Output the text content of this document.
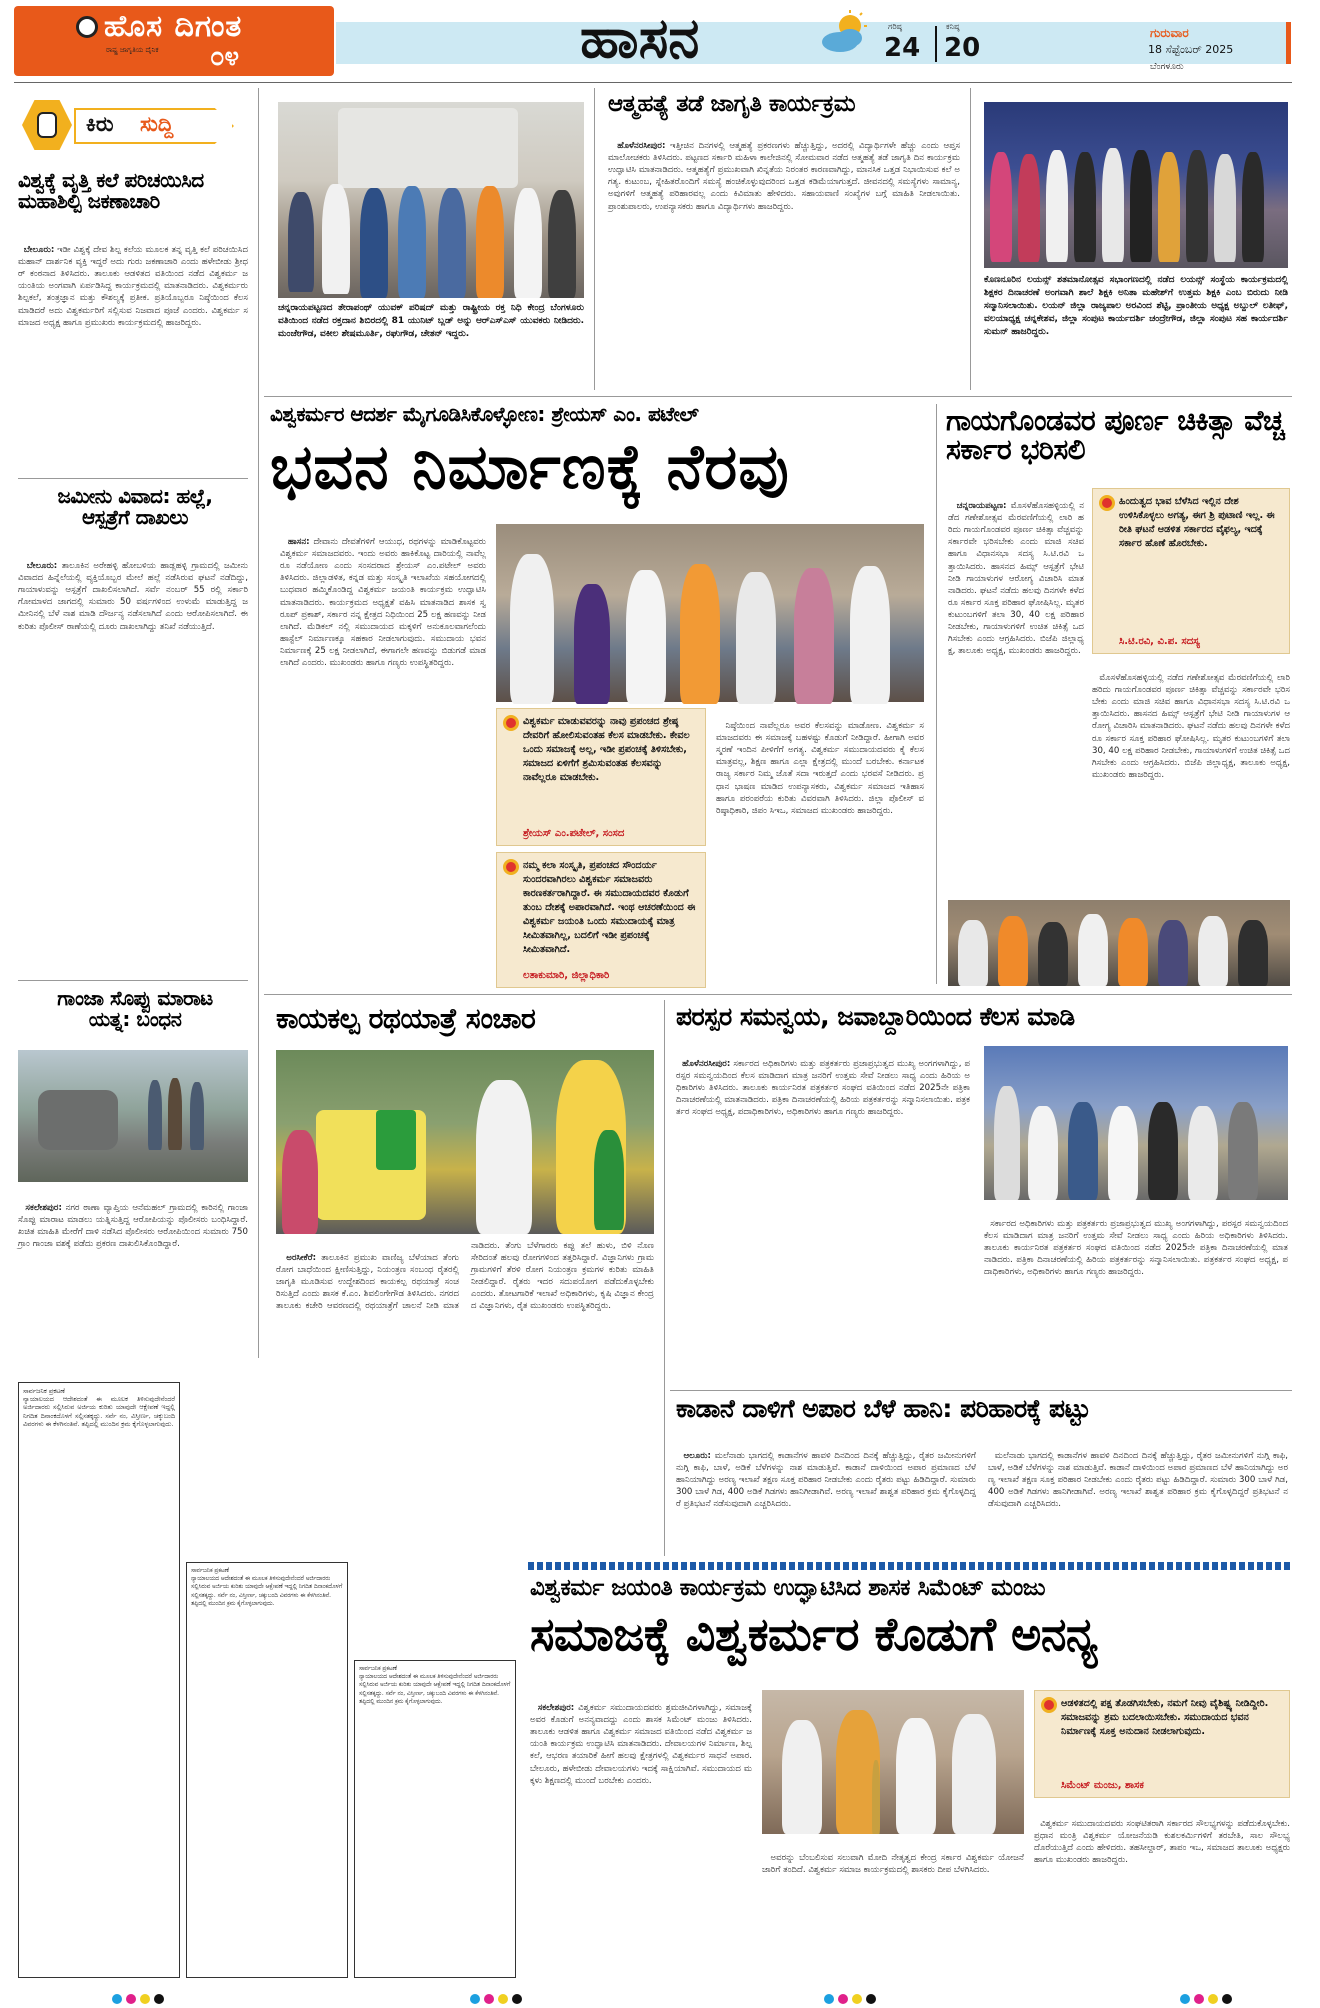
ಹೊಸ ದಿಗಂತ
ರಾಷ್ಟ್ರ ಜಾಗೃತಿಯ ದೈನಿಕ ೦೪	ಹಾಸನ	ಗರಿಷ್ಠ
24
ಕನಿಷ್ಠ
20	ಗುರುವಾರ
18 ಸೆಪ್ಟೆಂಬರ್ 2025
ಬೆಂಗಳೂರು
ಕಿರು ಸುದ್ದಿ
ವಿಶ್ವಕ್ಕೆ ವೃತ್ತಿ ಕಲೆ ಪರಿಚಯಿಸಿದ ಮಹಾಶಿಲ್ಪಿ ಜಕಣಾಚಾರಿ

ಬೇಲೂರು: ಇಡೀ ವಿಶ್ವಕ್ಕೆ ದೇವ ಶಿಲ್ಪ ಕಲೆಯ ಮೂಲಕ ತನ್ನ ವೃತ್ತಿ ಕಲೆ ಪರಿಚಯಿಸಿದ ಮಹಾನ್ ದಾರ್ಶನಿಕ ವ್ಯಕ್ತಿ ಇದ್ದರೆ ಅದು ಗುರು ಜಕಣಾಚಾರಿ ಎಂದು ಹಳೇಬೀಡು ಶ್ರೀಧರ್ ಕಂಠನಾದ ತಿಳಿಸಿದರು. ತಾಲೂಕು ಆಡಳಿತದ ವತಿಯಿಂದ ನಡೆದ ವಿಶ್ವಕರ್ಮ ಜಯಂತಿಯ ಅಂಗವಾಗಿ ಏರ್ಪಡಿಸಿದ್ದ ಕಾರ್ಯಕ್ರಮದಲ್ಲಿ ಮಾತನಾಡಿದರು. ವಿಶ್ವಕರ್ಮರು ಶಿಲ್ಪಕಲೆ, ತಂತ್ರಜ್ಞಾನ ಮತ್ತು ಕೌಶಲ್ಯಕ್ಕೆ ಪ್ರತೀಕ. ಪ್ರತಿಯೊಬ್ಬರೂ ನಿಷ್ಠೆಯಿಂದ ಕೆಲಸ ಮಾಡಿದರೆ ಅದು ವಿಶ್ವಕರ್ಮರಿಗೆ ಸಲ್ಲಿಸುವ ನಿಜವಾದ ಪೂಜೆ ಎಂದರು. ವಿಶ್ವಕರ್ಮ ಸಮಾಜದ ಅಧ್ಯಕ್ಷ ಹಾಗೂ ಪ್ರಮುಖರು ಕಾರ್ಯಕ್ರಮದಲ್ಲಿ ಹಾಜರಿದ್ದರು.

ಜಮೀನು ವಿವಾದ: ಹಲ್ಲೆ, ಆಸ್ಪತ್ರೆಗೆ ದಾಖಲು

ಬೇಲೂರು: ತಾಲೂಕಿನ ಅರೇಹಳ್ಳಿ ಹೋಬಳಿಯ ಹಾಡ್ಲಹಳ್ಳಿ ಗ್ರಾಮದಲ್ಲಿ ಜಮೀನು ವಿವಾದದ ಹಿನ್ನೆಲೆಯಲ್ಲಿ ವ್ಯಕ್ತಿಯೊಬ್ಬರ ಮೇಲೆ ಹಲ್ಲೆ ನಡೆಸಿರುವ ಘಟನೆ ನಡೆದಿದ್ದು, ಗಾಯಾಳುವನ್ನು ಆಸ್ಪತ್ರೆಗೆ ದಾಖಲಿಸಲಾಗಿದೆ. ಸರ್ವೆ ನಂಬರ್ 55 ರಲ್ಲಿ ಸರ್ಕಾರಿ ಗೋಮಾಳದ ಜಾಗದಲ್ಲಿ ಸುಮಾರು 50 ವರ್ಷಗಳಿಂದ ಉಳುಮೆ ಮಾಡುತ್ತಿದ್ದ ಜಮೀನಿನಲ್ಲಿ ಬೆಳೆ ನಾಶ ಮಾಡಿ ದೌರ್ಜನ್ಯ ನಡೆಸಲಾಗಿದೆ ಎಂದು ಆರೋಪಿಸಲಾಗಿದೆ. ಈ ಕುರಿತು ಪೊಲೀಸ್ ಠಾಣೆಯಲ್ಲಿ ದೂರು ದಾಖಲಾಗಿದ್ದು ತನಿಖೆ ನಡೆಯುತ್ತಿದೆ.

ಗಾಂಜಾ ಸೊಪ್ಪು ಮಾರಾಟ ಯತ್ನ: ಬಂಧನ

ಸಕಲೇಶಪುರ: ನಗರ ಠಾಣಾ ವ್ಯಾಪ್ತಿಯ ಆನೆಮಹಲ್ ಗ್ರಾಮದಲ್ಲಿ ಕಾರಿನಲ್ಲಿ ಗಾಂಜಾ ಸೊಪ್ಪು ಮಾರಾಟ ಮಾಡಲು ಯತ್ನಿಸುತ್ತಿದ್ದ ಆರೋಪಿಯನ್ನು ಪೊಲೀಸರು ಬಂಧಿಸಿದ್ದಾರೆ. ಖಚಿತ ಮಾಹಿತಿ ಮೇರೆಗೆ ದಾಳಿ ನಡೆಸಿದ ಪೊಲೀಸರು ಆರೋಪಿಯಿಂದ ಸುಮಾರು 750 ಗ್ರಾಂ ಗಾಂಜಾ ವಶಕ್ಕೆ ಪಡೆದು ಪ್ರಕರಣ ದಾಖಲಿಸಿಕೊಂಡಿದ್ದಾರೆ.

ಸಾರ್ವಜನಿಕ ಪ್ರಕಟಣೆ
ನ್ಯಾಯಾಲಯದ ಆದೇಶದಂತೆ ಈ ಮೂಲಕ ತಿಳಿಸುವುದೇನೆಂದರೆ ಅರ್ಜಿದಾರರು ಸಲ್ಲಿಸಿರುವ ಅರ್ಜಿಯ ಕುರಿತು ಯಾವುದೇ ಆಕ್ಷೇಪಣೆ ಇದ್ದಲ್ಲಿ ನಿಗದಿತ ದಿನಾಂಕದೊಳಗೆ ಸಲ್ಲಿಸತಕ್ಕದ್ದು. ಸರ್ವೆ ನಂ, ವಿಸ್ತೀರ್ಣ, ಚಕ್ಕುಬಂದಿ ವಿವರಗಳು ಈ ಕೆಳಗಿನಂತಿವೆ. ತಪ್ಪಿದಲ್ಲಿ ಮುಂದಿನ ಕ್ರಮ ಕೈಗೊಳ್ಳಲಾಗುವುದು.
ಸಾರ್ವಜನಿಕ ಪ್ರಕಟಣೆ
ನ್ಯಾಯಾಲಯದ ಆದೇಶದಂತೆ ಈ ಮೂಲಕ ತಿಳಿಸುವುದೇನೆಂದರೆ ಅರ್ಜಿದಾರರು ಸಲ್ಲಿಸಿರುವ ಅರ್ಜಿಯ ಕುರಿತು ಯಾವುದೇ ಆಕ್ಷೇಪಣೆ ಇದ್ದಲ್ಲಿ ನಿಗದಿತ ದಿನಾಂಕದೊಳಗೆ ಸಲ್ಲಿಸತಕ್ಕದ್ದು. ಸರ್ವೆ ನಂ, ವಿಸ್ತೀರ್ಣ, ಚಕ್ಕುಬಂದಿ ವಿವರಗಳು ಈ ಕೆಳಗಿನಂತಿವೆ. ತಪ್ಪಿದಲ್ಲಿ ಮುಂದಿನ ಕ್ರಮ ಕೈಗೊಳ್ಳಲಾಗುವುದು.
ಸಾರ್ವಜನಿಕ ಪ್ರಕಟಣೆ
ನ್ಯಾಯಾಲಯದ ಆದೇಶದಂತೆ ಈ ಮೂಲಕ ತಿಳಿಸುವುದೇನೆಂದರೆ ಅರ್ಜಿದಾರರು ಸಲ್ಲಿಸಿರುವ ಅರ್ಜಿಯ ಕುರಿತು ಯಾವುದೇ ಆಕ್ಷೇಪಣೆ ಇದ್ದಲ್ಲಿ ನಿಗದಿತ ದಿನಾಂಕದೊಳಗೆ ಸಲ್ಲಿಸತಕ್ಕದ್ದು. ಸರ್ವೆ ನಂ, ವಿಸ್ತೀರ್ಣ, ಚಕ್ಕುಬಂದಿ ವಿವರಗಳು ಈ ಕೆಳಗಿನಂತಿವೆ. ತಪ್ಪಿದಲ್ಲಿ ಮುಂದಿನ ಕ್ರಮ ಕೈಗೊಳ್ಳಲಾಗುವುದು.
ಚನ್ನರಾಯಪಟ್ಟಣದ ತೇರಾಪಂಥ್ ಯುವಕ್ ಪರಿಷದ್ ಮತ್ತು ರಾಷ್ಟ್ರೀಯ ರಕ್ತ ನಿಧಿ ಕೇಂದ್ರ ಬೆಂಗಳೂರು ವತಿಯಿಂದ ನಡೆದ ರಕ್ತದಾನ ಶಿಬಿರದಲ್ಲಿ 81 ಯುನಿಟ್ ಬ್ಲಡ್ ಅನ್ನು ಆರ್‌ಎಸ್‌ಎಸ್ ಯುವಕರು ನೀಡಿದರು. ಮಂಜೇಗೌಡ, ವಕೀಲ ಶೇಷಮೂರ್ತಿ, ರಘುಗೌಡ, ಚೇತನ್ ಇದ್ದರು.
ಆತ್ಮಹತ್ಯೆ ತಡೆ ಜಾಗೃತಿ ಕಾರ್ಯಕ್ರಮ

ಹೊಳೆನರಸೀಪುರ: ಇತ್ತೀಚಿನ ದಿನಗಳಲ್ಲಿ ಆತ್ಮಹತ್ಯೆ ಪ್ರಕರಣಗಳು ಹೆಚ್ಚುತ್ತಿದ್ದು, ಅದರಲ್ಲಿ ವಿದ್ಯಾರ್ಥಿಗಳೇ ಹೆಚ್ಚು ಎಂದು ಆಪ್ತಸಮಾಲೋಚಕರು ತಿಳಿಸಿದರು. ಪಟ್ಟಣದ ಸರ್ಕಾರಿ ಮಹಿಳಾ ಕಾಲೇಜಿನಲ್ಲಿ ಸೋಮವಾರ ನಡೆದ ಆತ್ಮಹತ್ಯೆ ತಡೆ ಜಾಗೃತಿ ದಿನ ಕಾರ್ಯಕ್ರಮ ಉದ್ಘಾಟಿಸಿ ಮಾತನಾಡಿದರು. ಆತ್ಮಹತ್ಯೆಗೆ ಪ್ರಮುಖವಾಗಿ ಖಿನ್ನತೆಯ ನಿರಂತರ ಕಾರಣವಾಗಿದ್ದು, ಮಾನಸಿಕ ಒತ್ತಡ ನಿಭಾಯಿಸುವ ಕಲೆ ಅಗತ್ಯ. ಕುಟುಂಬ, ಸ್ನೇಹಿತರೊಂದಿಗೆ ಸಮಸ್ಯೆ ಹಂಚಿಕೊಳ್ಳುವುದರಿಂದ ಒತ್ತಡ ಕಡಿಮೆಯಾಗುತ್ತದೆ. ಜೀವನದಲ್ಲಿ ಸಮಸ್ಯೆಗಳು ಸಾಮಾನ್ಯ, ಅವುಗಳಿಗೆ ಆತ್ಮಹತ್ಯೆ ಪರಿಹಾರವಲ್ಲ ಎಂದು ಕಿವಿಮಾತು ಹೇಳಿದರು. ಸಹಾಯವಾಣಿ ಸಂಖ್ಯೆಗಳ ಬಗ್ಗೆ ಮಾಹಿತಿ ನೀಡಲಾಯಿತು. ಪ್ರಾಂಶುಪಾಲರು, ಉಪನ್ಯಾಸಕರು ಹಾಗೂ ವಿದ್ಯಾರ್ಥಿಗಳು ಹಾಜರಿದ್ದರು.

ಕೊಣನೂರಿನ ಲಯನ್ಸ್ ಶತಮಾನೋತ್ಸವ ಸಭಾಂಗಣದಲ್ಲಿ ನಡೆದ ಲಯನ್ಸ್ ಸಂಸ್ಥೆಯ ಕಾರ್ಯಕ್ರಮದಲ್ಲಿ ಶಿಕ್ಷಕರ ದಿನಾಚರಣೆ ಅಂಗವಾಗಿ ಶಾಲೆ ಶಿಕ್ಷಕಿ ಅನಿತಾ ಮಹೇಶ್‌ಗೆ ಉತ್ತಮ ಶಿಕ್ಷಕಿ ಎಂಬ ಬಿರುದು ನೀಡಿ ಸನ್ಮಾನಿಸಲಾಯಿತು. ಲಯನ್ ಜಿಲ್ಲಾ ರಾಜ್ಯಪಾಲ ಅರವಿಂದ ಶೆಟ್ಟಿ, ಪ್ರಾಂತೀಯ ಅಧ್ಯಕ್ಷ ಅಬ್ದುಲ್ ಲತೀಫ್, ವಲಯಾಧ್ಯಕ್ಷ ಚನ್ನಕೇಶವ, ಜಿಲ್ಲಾ ಸಂಪುಟ ಕಾರ್ಯದರ್ಶಿ ಚಂದ್ರೇಗೌಡ, ಜಿಲ್ಲಾ ಸಂಪುಟ ಸಹ ಕಾರ್ಯದರ್ಶಿ ಸುಮನ್ ಹಾಜರಿದ್ದರು.
ವಿಶ್ವಕರ್ಮರ ಆದರ್ಶ ಮೈಗೂಡಿಸಿಕೊಳ್ಳೋಣ: ಶ್ರೇಯಸ್ ಎಂ. ಪಟೇಲ್
ಭವನ ನಿರ್ಮಾಣಕ್ಕೆ ನೆರವು

ಹಾಸನ: ದೇವಾನು ದೇವತೆಗಳಿಗೆ ಆಯುಧ, ರಥಗಳನ್ನು ಮಾಡಿಕೊಟ್ಟವರು ವಿಶ್ವಕರ್ಮ ಸಮಾಜದವರು. ಇಂದು ಅವರು ಹಾಕಿಕೊಟ್ಟ ದಾರಿಯಲ್ಲಿ ನಾವೆಲ್ಲರೂ ನಡೆಯೋಣ ಎಂದು ಸಂಸದರಾದ ಶ್ರೇಯಸ್ ಎಂ.ಪಟೇಲ್ ಅವರು ತಿಳಿಸಿದರು. ಜಿಲ್ಲಾಡಳಿತ, ಕನ್ನಡ ಮತ್ತು ಸಂಸ್ಕೃತಿ ಇಲಾಖೆಯ ಸಹಯೋಗದಲ್ಲಿ ಬುಧವಾರ ಹಮ್ಮಿಕೊಂಡಿದ್ದ ವಿಶ್ವಕರ್ಮ ಜಯಂತಿ ಕಾರ್ಯಕ್ರಮ ಉದ್ಘಾಟಿಸಿ ಮಾತನಾಡಿದರು. ಕಾರ್ಯಕ್ರಮದ ಅಧ್ಯಕ್ಷತೆ ವಹಿಸಿ ಮಾತನಾಡಿದ ಶಾಸಕ ಸ್ವರೂಪ್ ಪ್ರಕಾಶ್, ಸರ್ಕಾರ ನನ್ನ ಕ್ಷೇತ್ರದ ನಿಧಿಯಿಂದ 25 ಲಕ್ಷ ಹಣವನ್ನು ನೀಡಲಾಗಿದೆ. ಮೆಡಿಕಲ್ ನಲ್ಲಿ ಸಮುದಾಯದ ಮಕ್ಕಳಿಗೆ ಅನುಕೂಲವಾಗಲೆಂದು ಹಾಸ್ಟೆಲ್ ನಿರ್ಮಾಣಕ್ಕೂ ಸಹಕಾರ ನೀಡಲಾಗುವುದು. ಸಮುದಾಯ ಭವನ ನಿರ್ಮಾಣಕ್ಕೆ 25 ಲಕ್ಷ ನೀಡಲಾಗಿದೆ, ಈಗಾಗಲೇ ಹಣವನ್ನು ಬಿಡುಗಡೆ ಮಾಡಲಾಗಿದೆ ಎಂದರು. ಮುಖಂಡರು ಹಾಗೂ ಗಣ್ಯರು ಉಪಸ್ಥಿತರಿದ್ದರು.

ವಿಶ್ವಕರ್ಮ ಮಾಡುವವರನ್ನು ನಾವು ಪ್ರಪಂಚದ ಶ್ರೇಷ್ಠ ದೇವರಿಗೆ ಹೋಲಿಸುವಂತಹ ಕೆಲಸ ಮಾಡಬೇಕು. ಕೇವಲ ಒಂದು ಸಮಾಜಕ್ಕೆ ಅಲ್ಲ, ಇಡೀ ಪ್ರಪಂಚಕ್ಕೆ ತಿಳಿಸಬೇಕು, ಸಮಾಜದ ಏಳಿಗೆಗೆ ಶ್ರಮಿಸುವಂತಹ ಕೆಲಸವನ್ನು ನಾವೆಲ್ಲರೂ ಮಾಡಬೇಕು.
ಶ್ರೇಯಸ್ ಎಂ.ಪಟೇಲ್, ಸಂಸದ
ನಮ್ಮ ಕಲಾ ಸಂಸ್ಕೃತಿ, ಪ್ರಪಂಚದ ಸೌಂದರ್ಯ ಸುಂದರವಾಗಿರಲು ವಿಶ್ವಕರ್ಮ ಸಮಾಜವರು ಕಾರಣಕರ್ತರಾಗಿದ್ದಾರೆ. ಈ ಸಮುದಾಯದವರ ಕೊಡುಗೆ ತುಂಬ ದೇಶಕ್ಕೆ ಅಪಾರವಾಗಿದೆ. ಇಂಥ ಆಚರಣೆಯಿಂದ ಈ ವಿಶ್ವಕರ್ಮ ಜಯಂತಿ ಒಂದು ಸಮುದಾಯಕ್ಕೆ ಮಾತ್ರ ಸೀಮಿತವಾಗಿಲ್ಲ, ಬದಲಿಗೆ ಇಡೀ ಪ್ರಪಂಚಕ್ಕೆ ಸೀಮಿತವಾಗಿದೆ.
ಲತಾಕುಮಾರಿ, ಜಿಲ್ಲಾಧಿಕಾರಿ

ನಿಷ್ಠೆಯಿಂದ ನಾವೆಲ್ಲರೂ ಅವರ ಕೆಲಸವನ್ನು ಮಾಡೋಣ. ವಿಶ್ವಕರ್ಮ ಸಮಾಜದವರು ಈ ಸಮಾಜಕ್ಕೆ ಬಹಳಷ್ಟು ಕೊಡುಗೆ ನೀಡಿದ್ದಾರೆ. ಹೀಗಾಗಿ ಅವರ ಸ್ಮರಣೆ ಇಂದಿನ ಪೀಳಿಗೆಗೆ ಅಗತ್ಯ. ವಿಶ್ವಕರ್ಮ ಸಮುದಾಯದವರು ಕೈ ಕೆಲಸ ಮಾತ್ರವಲ್ಲ, ಶಿಕ್ಷಣ ಹಾಗೂ ಎಲ್ಲಾ ಕ್ಷೇತ್ರದಲ್ಲಿ ಮುಂದೆ ಬರಬೇಕು. ಕರ್ನಾಟಕ ರಾಜ್ಯ ಸರ್ಕಾರ ನಿಮ್ಮ ಜೊತೆ ಸದಾ ಇರುತ್ತದೆ ಎಂದು ಭರವಸೆ ನೀಡಿದರು. ಪ್ರಧಾನ ಭಾಷಣ ಮಾಡಿದ ಉಪನ್ಯಾಸಕರು, ವಿಶ್ವಕರ್ಮ ಸಮಾಜದ ಇತಿಹಾಸ ಹಾಗೂ ಪರಂಪರೆಯ ಕುರಿತು ವಿವರವಾಗಿ ತಿಳಿಸಿದರು. ಜಿಲ್ಲಾ ಪೊಲೀಸ್ ವರಿಷ್ಠಾಧಿಕಾರಿ, ಜಿಪಂ ಸಿಇಒ, ಸಮಾಜದ ಮುಖಂಡರು ಹಾಜರಿದ್ದರು.

ಗಾಯಗೊಂಡವರ ಪೂರ್ಣ ಚಿಕಿತ್ಸಾ ವೆಚ್ಚ ಸರ್ಕಾರ ಭರಿಸಲಿ

ಚನ್ನರಾಯಪಟ್ಟಣ: ಮೊಸಳೆಹೊಸಹಳ್ಳಿಯಲ್ಲಿ ನಡೆದ ಗಣೇಶೋತ್ಸವ ಮೆರವಣಿಗೆಯಲ್ಲಿ ಲಾರಿ ಹರಿದು ಗಾಯಗೊಂಡವರ ಪೂರ್ಣ ಚಿಕಿತ್ಸಾ ವೆಚ್ಚವನ್ನು ಸರ್ಕಾರವೇ ಭರಿಸಬೇಕು ಎಂದು ಮಾಜಿ ಸಚಿವ ಹಾಗೂ ವಿಧಾನಸಭಾ ಸದಸ್ಯ ಸಿ.ಟಿ.ರವಿ ಒತ್ತಾಯಿಸಿದರು. ಹಾಸನದ ಹಿಮ್ಸ್ ಆಸ್ಪತ್ರೆಗೆ ಭೇಟಿ ನೀಡಿ ಗಾಯಾಳುಗಳ ಆರೋಗ್ಯ ವಿಚಾರಿಸಿ ಮಾತನಾಡಿದರು. ಘಟನೆ ನಡೆದು ಹಲವು ದಿನಗಳೇ ಕಳೆದರೂ ಸರ್ಕಾರ ಸೂಕ್ತ ಪರಿಹಾರ ಘೋಷಿಸಿಲ್ಲ. ಮೃತರ ಕುಟುಂಬಗಳಿಗೆ ತಲಾ 30, 40 ಲಕ್ಷ ಪರಿಹಾರ ನೀಡಬೇಕು, ಗಾಯಾಳುಗಳಿಗೆ ಉಚಿತ ಚಿಕಿತ್ಸೆ ಒದಗಿಸಬೇಕು ಎಂದು ಆಗ್ರಹಿಸಿದರು. ಬಿಜೆಪಿ ಜಿಲ್ಲಾಧ್ಯಕ್ಷ, ತಾಲೂಕು ಅಧ್ಯಕ್ಷ, ಮುಖಂಡರು ಹಾಜರಿದ್ದರು.

ಹಿಂದುತ್ವದ ಭಾವ ಬೆಳೆಸಿದ ಇಲ್ಲಿನ ದೇಶ ಉಳಿಸಿಕೊಳ್ಳಲು ಅಗತ್ಯ, ಈಗ ಶ್ರಿ ಪುಟಾಣಿ ಇಲ್ಲ. ಈ ರೀತಿ ಘಟನೆ ಆಡಳಿತ ಸರ್ಕಾರದ ವೈಫಲ್ಯ, ಇದಕ್ಕೆ ಸರ್ಕಾರ ಹೊಣೆ ಹೊರಬೇಕು.
ಸಿ.ಟಿ.ರವಿ, ವಿ.ಪ. ಸದಸ್ಯ

ಮೊಸಳೆಹೊಸಹಳ್ಳಿಯಲ್ಲಿ ನಡೆದ ಗಣೇಶೋತ್ಸವ ಮೆರವಣಿಗೆಯಲ್ಲಿ ಲಾರಿ ಹರಿದು ಗಾಯಗೊಂಡವರ ಪೂರ್ಣ ಚಿಕಿತ್ಸಾ ವೆಚ್ಚವನ್ನು ಸರ್ಕಾರವೇ ಭರಿಸಬೇಕು ಎಂದು ಮಾಜಿ ಸಚಿವ ಹಾಗೂ ವಿಧಾನಸಭಾ ಸದಸ್ಯ ಸಿ.ಟಿ.ರವಿ ಒತ್ತಾಯಿಸಿದರು. ಹಾಸನದ ಹಿಮ್ಸ್ ಆಸ್ಪತ್ರೆಗೆ ಭೇಟಿ ನೀಡಿ ಗಾಯಾಳುಗಳ ಆರೋಗ್ಯ ವಿಚಾರಿಸಿ ಮಾತನಾಡಿದರು. ಘಟನೆ ನಡೆದು ಹಲವು ದಿನಗಳೇ ಕಳೆದರೂ ಸರ್ಕಾರ ಸೂಕ್ತ ಪರಿಹಾರ ಘೋಷಿಸಿಲ್ಲ. ಮೃತರ ಕುಟುಂಬಗಳಿಗೆ ತಲಾ 30, 40 ಲಕ್ಷ ಪರಿಹಾರ ನೀಡಬೇಕು, ಗಾಯಾಳುಗಳಿಗೆ ಉಚಿತ ಚಿಕಿತ್ಸೆ ಒದಗಿಸಬೇಕು ಎಂದು ಆಗ್ರಹಿಸಿದರು. ಬಿಜೆಪಿ ಜಿಲ್ಲಾಧ್ಯಕ್ಷ, ತಾಲೂಕು ಅಧ್ಯಕ್ಷ, ಮುಖಂಡರು ಹಾಜರಿದ್ದರು.

ಕಾಯಕಲ್ಪ ರಥಯಾತ್ರೆ ಸಂಚಾರ

ಅರಸೀಕೆರೆ: ತಾಲೂಕಿನ ಪ್ರಮುಖ ವಾಣಿಜ್ಯ ಬೆಳೆಯಾದ ತೆಂಗು ರೋಗ ಬಾಧೆಯಿಂದ ಕ್ಷೀಣಿಸುತ್ತಿದ್ದು, ನಿಯಂತ್ರಣ ಸಂಬಂಧ ರೈತರಲ್ಲಿ ಜಾಗೃತಿ ಮೂಡಿಸುವ ಉದ್ದೇಶದಿಂದ ಕಾಯಕಲ್ಪ ರಥಯಾತ್ರೆ ಸಂಚರಿಸುತ್ತಿದೆ ಎಂದು ಶಾಸಕ ಕೆ.ಎಂ. ಶಿವಲಿಂಗೇಗೌಡ ತಿಳಿಸಿದರು. ನಗರದ ತಾಲೂಕು ಕಚೇರಿ ಆವರಣದಲ್ಲಿ ರಥಯಾತ್ರೆಗೆ ಚಾಲನೆ ನೀಡಿ ಮಾತನಾಡಿದರು. ತೆಂಗು ಬೆಳೆಗಾರರು ಕಪ್ಪು ತಲೆ ಹುಳು, ಬಿಳಿ ನೊಣ ಸೇರಿದಂತೆ ಹಲವು ರೋಗಗಳಿಂದ ತತ್ತರಿಸಿದ್ದಾರೆ. ವಿಜ್ಞಾನಿಗಳು ಗ್ರಾಮ ಗ್ರಾಮಗಳಿಗೆ ತೆರಳಿ ರೋಗ ನಿಯಂತ್ರಣ ಕ್ರಮಗಳ ಕುರಿತು ಮಾಹಿತಿ ನೀಡಲಿದ್ದಾರೆ. ರೈತರು ಇದರ ಸದುಪಯೋಗ ಪಡೆದುಕೊಳ್ಳಬೇಕು ಎಂದರು. ತೋಟಗಾರಿಕೆ ಇಲಾಖೆ ಅಧಿಕಾರಿಗಳು, ಕೃಷಿ ವಿಜ್ಞಾನ ಕೇಂದ್ರದ ವಿಜ್ಞಾನಿಗಳು, ರೈತ ಮುಖಂಡರು ಉಪಸ್ಥಿತರಿದ್ದರು.

ಪರಸ್ಪರ ಸಮನ್ವಯ, ಜವಾಬ್ದಾರಿಯಿಂದ ಕೆಲಸ ಮಾಡಿ

ಹೊಳೆನರಸೀಪುರ: ಸರ್ಕಾರದ ಅಧಿಕಾರಿಗಳು ಮತ್ತು ಪತ್ರಕರ್ತರು ಪ್ರಜಾಪ್ರಭುತ್ವದ ಮುಖ್ಯ ಅಂಗಗಳಾಗಿದ್ದು, ಪರಸ್ಪರ ಸಮನ್ವಯದಿಂದ ಕೆಲಸ ಮಾಡಿದಾಗ ಮಾತ್ರ ಜನರಿಗೆ ಉತ್ತಮ ಸೇವೆ ನೀಡಲು ಸಾಧ್ಯ ಎಂದು ಹಿರಿಯ ಅಧಿಕಾರಿಗಳು ತಿಳಿಸಿದರು. ತಾಲೂಕು ಕಾರ್ಯನಿರತ ಪತ್ರಕರ್ತರ ಸಂಘದ ವತಿಯಿಂದ ನಡೆದ 2025ನೇ ಪತ್ರಿಕಾ ದಿನಾಚರಣೆಯಲ್ಲಿ ಮಾತನಾಡಿದರು. ಪತ್ರಿಕಾ ದಿನಾಚರಣೆಯಲ್ಲಿ ಹಿರಿಯ ಪತ್ರಕರ್ತರನ್ನು ಸನ್ಮಾನಿಸಲಾಯಿತು. ಪತ್ರಕರ್ತರ ಸಂಘದ ಅಧ್ಯಕ್ಷ, ಪದಾಧಿಕಾರಿಗಳು, ಅಧಿಕಾರಿಗಳು ಹಾಗೂ ಗಣ್ಯರು ಹಾಜರಿದ್ದರು.

ಸರ್ಕಾರದ ಅಧಿಕಾರಿಗಳು ಮತ್ತು ಪತ್ರಕರ್ತರು ಪ್ರಜಾಪ್ರಭುತ್ವದ ಮುಖ್ಯ ಅಂಗಗಳಾಗಿದ್ದು, ಪರಸ್ಪರ ಸಮನ್ವಯದಿಂದ ಕೆಲಸ ಮಾಡಿದಾಗ ಮಾತ್ರ ಜನರಿಗೆ ಉತ್ತಮ ಸೇವೆ ನೀಡಲು ಸಾಧ್ಯ ಎಂದು ಹಿರಿಯ ಅಧಿಕಾರಿಗಳು ತಿಳಿಸಿದರು. ತಾಲೂಕು ಕಾರ್ಯನಿರತ ಪತ್ರಕರ್ತರ ಸಂಘದ ವತಿಯಿಂದ ನಡೆದ 2025ನೇ ಪತ್ರಿಕಾ ದಿನಾಚರಣೆಯಲ್ಲಿ ಮಾತನಾಡಿದರು. ಪತ್ರಿಕಾ ದಿನಾಚರಣೆಯಲ್ಲಿ ಹಿರಿಯ ಪತ್ರಕರ್ತರನ್ನು ಸನ್ಮಾನಿಸಲಾಯಿತು. ಪತ್ರಕರ್ತರ ಸಂಘದ ಅಧ್ಯಕ್ಷ, ಪದಾಧಿಕಾರಿಗಳು, ಅಧಿಕಾರಿಗಳು ಹಾಗೂ ಗಣ್ಯರು ಹಾಜರಿದ್ದರು.

ಕಾಡಾನೆ ದಾಳಿಗೆ ಅಪಾರ ಬೆಳೆ ಹಾನಿ: ಪರಿಹಾರಕ್ಕೆ ಪಟ್ಟು

ಆಲೂರು: ಮಲೆನಾಡು ಭಾಗದಲ್ಲಿ ಕಾಡಾನೆಗಳ ಹಾವಳಿ ದಿನದಿಂದ ದಿನಕ್ಕೆ ಹೆಚ್ಚುತ್ತಿದ್ದು, ರೈತರ ಜಮೀನುಗಳಿಗೆ ನುಗ್ಗಿ ಕಾಫಿ, ಬಾಳೆ, ಅಡಿಕೆ ಬೆಳೆಗಳನ್ನು ನಾಶ ಮಾಡುತ್ತಿವೆ. ಕಾಡಾನೆ ದಾಳಿಯಿಂದ ಅಪಾರ ಪ್ರಮಾಣದ ಬೆಳೆ ಹಾನಿಯಾಗಿದ್ದು ಅರಣ್ಯ ಇಲಾಖೆ ತಕ್ಷಣ ಸೂಕ್ತ ಪರಿಹಾರ ನೀಡಬೇಕು ಎಂದು ರೈತರು ಪಟ್ಟು ಹಿಡಿದಿದ್ದಾರೆ. ಸುಮಾರು 300 ಬಾಳೆ ಗಿಡ, 400 ಅಡಿಕೆ ಗಿಡಗಳು ಹಾನಿಗೀಡಾಗಿವೆ. ಅರಣ್ಯ ಇಲಾಖೆ ಶಾಶ್ವತ ಪರಿಹಾರ ಕ್ರಮ ಕೈಗೊಳ್ಳದಿದ್ದರೆ ಪ್ರತಿಭಟನೆ ನಡೆಸುವುದಾಗಿ ಎಚ್ಚರಿಸಿದರು.

ಮಲೆನಾಡು ಭಾಗದಲ್ಲಿ ಕಾಡಾನೆಗಳ ಹಾವಳಿ ದಿನದಿಂದ ದಿನಕ್ಕೆ ಹೆಚ್ಚುತ್ತಿದ್ದು, ರೈತರ ಜಮೀನುಗಳಿಗೆ ನುಗ್ಗಿ ಕಾಫಿ, ಬಾಳೆ, ಅಡಿಕೆ ಬೆಳೆಗಳನ್ನು ನಾಶ ಮಾಡುತ್ತಿವೆ. ಕಾಡಾನೆ ದಾಳಿಯಿಂದ ಅಪಾರ ಪ್ರಮಾಣದ ಬೆಳೆ ಹಾನಿಯಾಗಿದ್ದು ಅರಣ್ಯ ಇಲಾಖೆ ತಕ್ಷಣ ಸೂಕ್ತ ಪರಿಹಾರ ನೀಡಬೇಕು ಎಂದು ರೈತರು ಪಟ್ಟು ಹಿಡಿದಿದ್ದಾರೆ. ಸುಮಾರು 300 ಬಾಳೆ ಗಿಡ, 400 ಅಡಿಕೆ ಗಿಡಗಳು ಹಾನಿಗೀಡಾಗಿವೆ. ಅರಣ್ಯ ಇಲಾಖೆ ಶಾಶ್ವತ ಪರಿಹಾರ ಕ್ರಮ ಕೈಗೊಳ್ಳದಿದ್ದರೆ ಪ್ರತಿಭಟನೆ ನಡೆಸುವುದಾಗಿ ಎಚ್ಚರಿಸಿದರು.

ವಿಶ್ವಕರ್ಮ ಜಯಂತಿ ಕಾರ್ಯಕ್ರಮ ಉದ್ಘಾಟಿಸಿದ ಶಾಸಕ ಸಿಮೆಂಟ್ ಮಂಜು
ಸಮಾಜಕ್ಕೆ ವಿಶ್ವಕರ್ಮರ ಕೊಡುಗೆ ಅನನ್ಯ

ಸಕಲೇಶಪುರ: ವಿಶ್ವಕರ್ಮ ಸಮುದಾಯದವರು ಶ್ರಮಜೀವಿಗಳಾಗಿದ್ದು, ಸಮಾಜಕ್ಕೆ ಅವರ ಕೊಡುಗೆ ಅನನ್ಯವಾದದ್ದು ಎಂದು ಶಾಸಕ ಸಿಮೆಂಟ್ ಮಂಜು ತಿಳಿಸಿದರು. ತಾಲೂಕು ಆಡಳಿತ ಹಾಗೂ ವಿಶ್ವಕರ್ಮ ಸಮಾಜದ ವತಿಯಿಂದ ನಡೆದ ವಿಶ್ವಕರ್ಮ ಜಯಂತಿ ಕಾರ್ಯಕ್ರಮ ಉದ್ಘಾಟಿಸಿ ಮಾತನಾಡಿದರು. ದೇವಾಲಯಗಳ ನಿರ್ಮಾಣ, ಶಿಲ್ಪಕಲೆ, ಆಭರಣ ತಯಾರಿಕೆ ಹೀಗೆ ಹಲವು ಕ್ಷೇತ್ರಗಳಲ್ಲಿ ವಿಶ್ವಕರ್ಮರ ಸಾಧನೆ ಅಪಾರ. ಬೇಲೂರು, ಹಳೇಬೀಡು ದೇವಾಲಯಗಳು ಇದಕ್ಕೆ ಸಾಕ್ಷಿಯಾಗಿವೆ. ಸಮುದಾಯದ ಮಕ್ಕಳು ಶಿಕ್ಷಣದಲ್ಲಿ ಮುಂದೆ ಬರಬೇಕು ಎಂದರು.

ಅವರನ್ನು ಬೆಂಬಲಿಸುವ ಸಲುವಾಗಿ ಮೋದಿ ನೇತೃತ್ವದ ಕೇಂದ್ರ ಸರ್ಕಾರ ವಿಶ್ವಕರ್ಮ ಯೋಜನೆ ಜಾರಿಗೆ ತಂದಿದೆ. ವಿಶ್ವಕರ್ಮ ಸಮಾಜ ಕಾರ್ಯಕ್ರಮದಲ್ಲಿ ಶಾಸಕರು ದೀಪ ಬೆಳಗಿಸಿದರು.

ಆಡಳಿತದಲ್ಲಿ ಪಕ್ಷ ತೊಡಗಿಸಬೇಕು, ನಮಗೆ ನೀವು ವೈಶಿಷ್ಟ್ಯ ನೀಡಿದ್ದೀರಿ. ಸಮಾಜವನ್ನು ಶ್ರಮ ಬದಲಾಯಿಸಬೇಕು. ಸಮುದಾಯದ ಭವನ ನಿರ್ಮಾಣಕ್ಕೆ ಸೂಕ್ತ ಅನುದಾನ ನೀಡಲಾಗುವುದು.
ಸಿಮೆಂಟ್ ಮಂಜು, ಶಾಸಕ

ವಿಶ್ವಕರ್ಮ ಸಮುದಾಯದವರು ಸಂಘಟಿತರಾಗಿ ಸರ್ಕಾರದ ಸೌಲಭ್ಯಗಳನ್ನು ಪಡೆದುಕೊಳ್ಳಬೇಕು. ಪ್ರಧಾನ ಮಂತ್ರಿ ವಿಶ್ವಕರ್ಮ ಯೋಜನೆಯಡಿ ಕುಶಲಕರ್ಮಿಗಳಿಗೆ ತರಬೇತಿ, ಸಾಲ ಸೌಲಭ್ಯ ದೊರೆಯುತ್ತಿದೆ ಎಂದು ಹೇಳಿದರು. ತಹಸೀಲ್ದಾರ್, ತಾಪಂ ಇಒ, ಸಮಾಜದ ತಾಲೂಕು ಅಧ್ಯಕ್ಷರು ಹಾಗೂ ಮುಖಂಡರು ಹಾಜರಿದ್ದರು.
